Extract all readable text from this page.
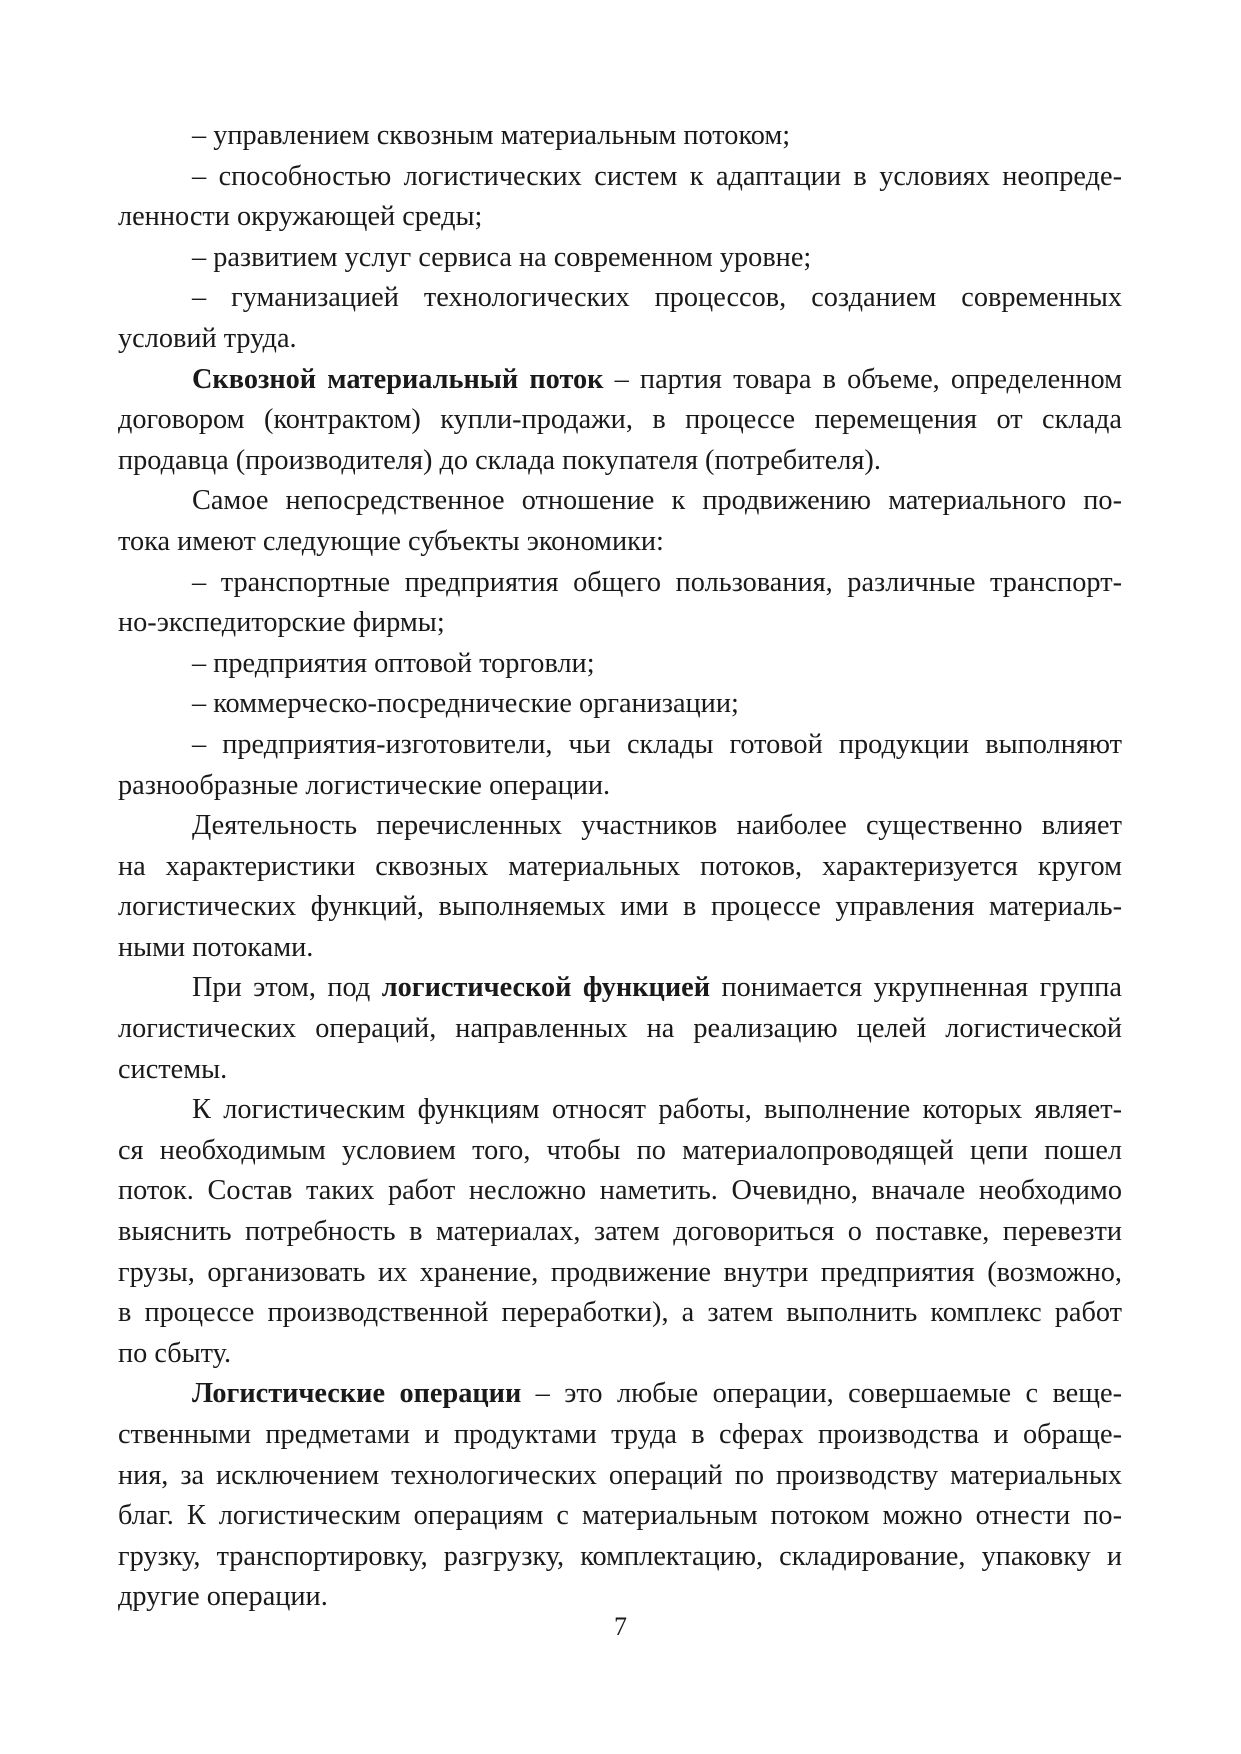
– управлением сквозным материальным потоком;
– способностью логистических систем к адаптации в условиях неопреде-
ленности окружающей среды;
– развитием услуг сервиса на современном уровне;
– гуманизацией технологических процессов, созданием современных
условий труда.
Сквозной материальный поток – партия товара в объеме, определенном
договором (контрактом) купли-продажи, в процессе перемещения от склада
продавца (производителя) до склада покупателя (потребителя).
Самое непосредственное отношение к продвижению материального по-
тока имеют следующие субъекты экономики:
– транспортные предприятия общего пользования, различные транспорт-
но-экспедиторские фирмы;
– предприятия оптовой торговли;
– коммерческо-посреднические организации;
– предприятия-изготовители, чьи склады готовой продукции выполняют
разнообразные логистические операции.
Деятельность перечисленных участников наиболее существенно влияет
на характеристики сквозных материальных потоков, характеризуется кругом
логистических функций, выполняемых ими в процессе управления материаль-
ными потоками.
При этом, под логистической функцией понимается укрупненная группа
логистических операций, направленных на реализацию целей логистической
системы.
К логистическим функциям относят работы, выполнение которых являет-
ся необходимым условием того, чтобы по материалопроводящей цепи пошел
поток. Состав таких работ несложно наметить. Очевидно, вначале необходимо
выяснить потребность в материалах, затем договориться о поставке, перевезти
грузы, организовать их хранение, продвижение внутри предприятия (возможно,
в процессе производственной переработки), а затем выполнить комплекс работ
по сбыту.
Логистические операции – это любые операции, совершаемые с веще-
ственными предметами и продуктами труда в сферах производства и обраще-
ния, за исключением технологических операций по производству материальных
благ. К логистическим операциям с материальным потоком можно отнести по-
грузку, транспортировку, разгрузку, комплектацию, складирование, упаковку и
другие операции.
7
